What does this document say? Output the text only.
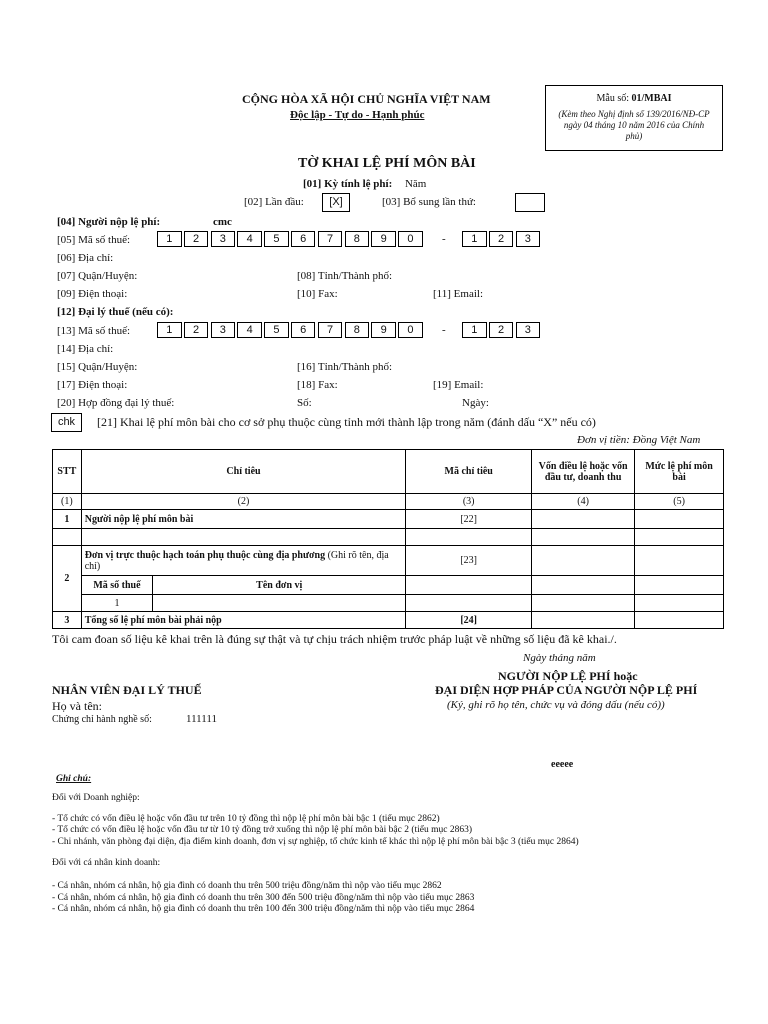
CỘNG HÒA XÃ HỘI CHỦ NGHĨA VIỆT NAM
Độc lập - Tự do - Hạnh phúc
Mẫu số: 01/MBAI
(Kèm theo Nghị định số 139/2016/NĐ-CP
ngày 04 tháng 10 năm 2016 của Chính
phủ)
TỜ KHAI LỆ PHÍ MÔN BÀI
[01] Kỳ tính lệ phí: Năm
[02] Lần đầu:	[X]	[03] Bổ sung lần thứ:
[04] Người nộp lệ phí:	cmc
[05] Mã số thuế:	1	2	3	4	5	6	7	8	9	0	-	1	2	3
[06] Địa chỉ:
[07] Quận/Huyện:	[08] Tỉnh/Thành phố:
[09] Điện thoại:	[10] Fax:	[11] Email:
[12] Đại lý thuế (nếu có):
[13] Mã số thuế:	1	2	3	4	5	6	7	8	9	0	-	1	2	3
[14] Địa chỉ:
[15] Quận/Huyện:	[16] Tỉnh/Thành phố:
[17] Điện thoại:	[18] Fax:	[19] Email:
[20] Hợp đồng đại lý thuế:	Số:	Ngày:
chk	[21] Khai lệ phí môn bài cho cơ sở phụ thuộc cùng tỉnh mới thành lập trong năm (đánh dấu “X” nếu có)
Đơn vị tiền: Đồng Việt Nam
STT	Chỉ tiêu		Mã chỉ tiêu	Vốn điều lệ hoặc vốn đầu tư, doanh thu	Mức lệ phí môn bài
(1)	(2)		(3)	(4)	(5)
1	Người nộp lệ phí môn bài		[22]		

2	Đơn vị trực thuộc hạch toán phụ thuộc cùng địa phương (Ghi rõ tên, địa chỉ)		[23]		
	Mã số thuế	Tên đơn vị			
	1				
3	Tổng số lệ phí môn bài phải nộp		[24]		
Tôi cam đoan số liệu kê khai trên là đúng sự thật và tự chịu trách nhiệm trước pháp luật về những số liệu đã kê khai./.
Ngày tháng năm
NGƯỜI NỘP LỆ PHÍ hoặc
ĐẠI DIỆN HỢP PHÁP CỦA NGƯỜI NỘP LỆ PHÍ
(Ký, ghi rõ họ tên, chức vụ và đóng dấu (nếu có))
NHÂN VIÊN ĐẠI LÝ THUẾ
Họ và tên:
Chứng chỉ hành nghề số:	111111
eeeee
Ghi chú:
Đối với Doanh nghiệp:
- Tổ chức có vốn điều lệ hoặc vốn đầu tư trên 10 tỷ đồng thì nộp lệ phí môn bài bậc 1 (tiểu mục 2862)
- Tổ chức có vốn điều lệ hoặc vốn đầu tư từ 10 tỷ đồng trở xuống thì nộp lệ phí môn bài bậc 2 (tiểu mục 2863)
- Chi nhánh, văn phòng đại diện, địa điểm kinh doanh, đơn vị sự nghiệp, tổ chức kinh tế khác thì nộp lệ phí môn bài bậc 3 (tiểu mục 2864)
Đối với cá nhân kinh doanh:
- Cá nhân, nhóm cá nhân, hộ gia đình có doanh thu trên 500 triệu đồng/năm thì nộp vào tiểu mục 2862
- Cá nhân, nhóm cá nhân, hộ gia đình có doanh thu trên 300 đến 500 triệu đồng/năm thì nộp vào tiểu mục 2863
- Cá nhân, nhóm cá nhân, hộ gia đình có doanh thu trên 100 đến 300 triệu đồng/năm thì nộp vào tiểu mục 2864
